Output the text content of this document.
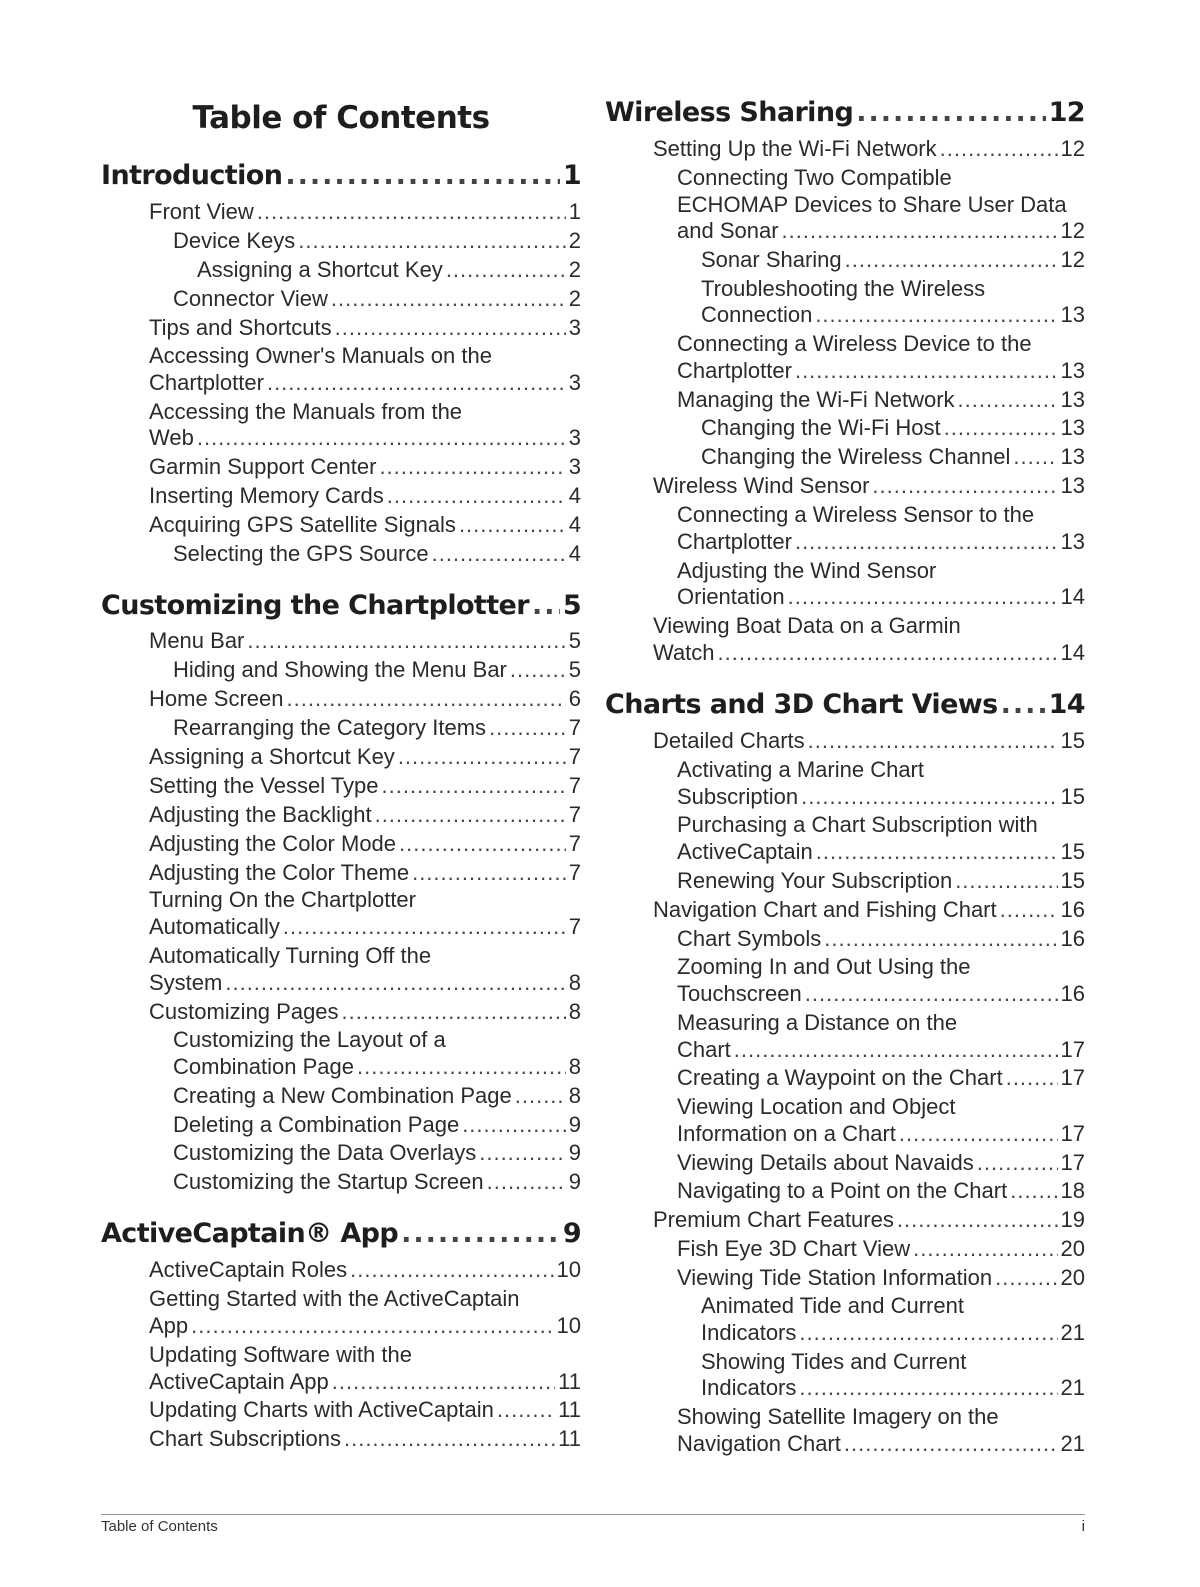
Table of Contents
Introduction .....	1
Front View .....	1
Device Keys .....	2
Assigning a Shortcut Key .....	2
Connector View .....	2
Tips and Shortcuts .....	3
Accessing Owner's Manuals on the
Chartplotter .....	3
Accessing the Manuals from the
Web .....	3
Garmin Support Center .....	3
Inserting Memory Cards .....	4
Acquiring GPS Satellite Signals .....	4
Selecting the GPS Source .....	4
Customizing the Chartplotter ..... 5
Menu Bar .....	5
Hiding and Showing the Menu Bar .....	5
Home Screen .....	6
Rearranging the Category Items .....	7
Assigning a Shortcut Key .....	7
Setting the Vessel Type .....	7
Adjusting the Backlight .....	7
Adjusting the Color Mode .....	7
Adjusting the Color Theme .....	7
Turning On the Chartplotter
Automatically .....	7
Automatically Turning Off the
System .....	8
Customizing Pages .....	8
Customizing the Layout of a
Combination Page .....	8
Creating a New Combination Page .....	8
Deleting a Combination Page .....	9
Customizing the Data Overlays .....	9
Customizing the Startup Screen .....	9
ActiveCaptain® App .....	9
ActiveCaptain Roles .....	10
Getting Started with the ActiveCaptain
App .....	10
Updating Software with the
ActiveCaptain App .....	11
Updating Charts with ActiveCaptain .....	11
Chart Subscriptions .....	11
Wireless Sharing .....	12
Setting Up the Wi-Fi Network .....	12
Connecting Two Compatible
ECHOMAP Devices to Share User Data
and Sonar .....	12
Sonar Sharing .....	12
Troubleshooting the Wireless
Connection .....	13
Connecting a Wireless Device to the
Chartplotter .....	13
Managing the Wi-Fi Network .....	13
Changing the Wi-Fi Host .....	13
Changing the Wireless Channel ..... 13
Wireless Wind Sensor .....	13
Connecting a Wireless Sensor to the
Chartplotter .....	13
Adjusting the Wind Sensor
Orientation .....	14
Viewing Boat Data on a Garmin
Watch .....	14
Charts and 3D Chart Views ..... 14
Detailed Charts .....	15
Activating a Marine Chart
Subscription .....	15
Purchasing a Chart Subscription with
ActiveCaptain .....	15
Renewing Your Subscription .....	15
Navigation Chart and Fishing Chart .....	16
Chart Symbols .....	16
Zooming In and Out Using the
Touchscreen .....	16
Measuring a Distance on the
Chart .....	17
Creating a Waypoint on the Chart .....	17
Viewing Location and Object
Information on a Chart .....	17
Viewing Details about Navaids .....	17
Navigating to a Point on the Chart ..... 18
Premium Chart Features .....	19
Fish Eye 3D Chart View .....	20
Viewing Tide Station Information .....	20
Animated Tide and Current
Indicators .....	21
Showing Tides and Current
Indicators .....	21
Showing Satellite Imagery on the
Navigation Chart .....	21
Table of Contents	i
